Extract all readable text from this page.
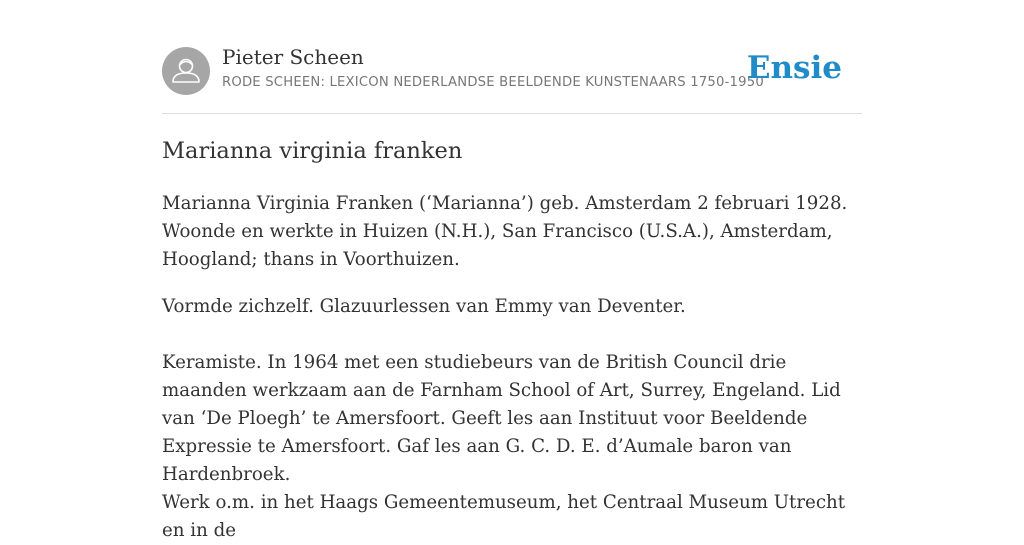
Pieter Scheen
RODE SCHEEN: LEXICON NEDERLANDSE BEELDENDE KUNSTENAARS 1750-1950
Ensie
Marianna virginia franken

Marianna Virginia Franken (‘Marianna’) geb. Amsterdam 2 februari 1928. Woonde en werkte in Huizen (N.H.), San Francisco (U.S.A.), Amsterdam, Hoogland; thans in Voorthuizen.

Vormde zichzelf. Glazuurlessen van Emmy van Deventer.

Keramiste. In 1964 met een studiebeurs van de British Council drie maanden werkzaam aan de Farnham School of Art, Surrey, Engeland. Lid van ‘De Ploegh’ te Amersfoort. Geeft les aan Instituut voor Beeldende Expressie te Amersfoort. Gaf les aan G. C. D. E. d’Aumale baron van Hardenbroek.

Werk o.m. in het Haags Gemeentemuseum, het Centraal Museum Utrecht en in de
